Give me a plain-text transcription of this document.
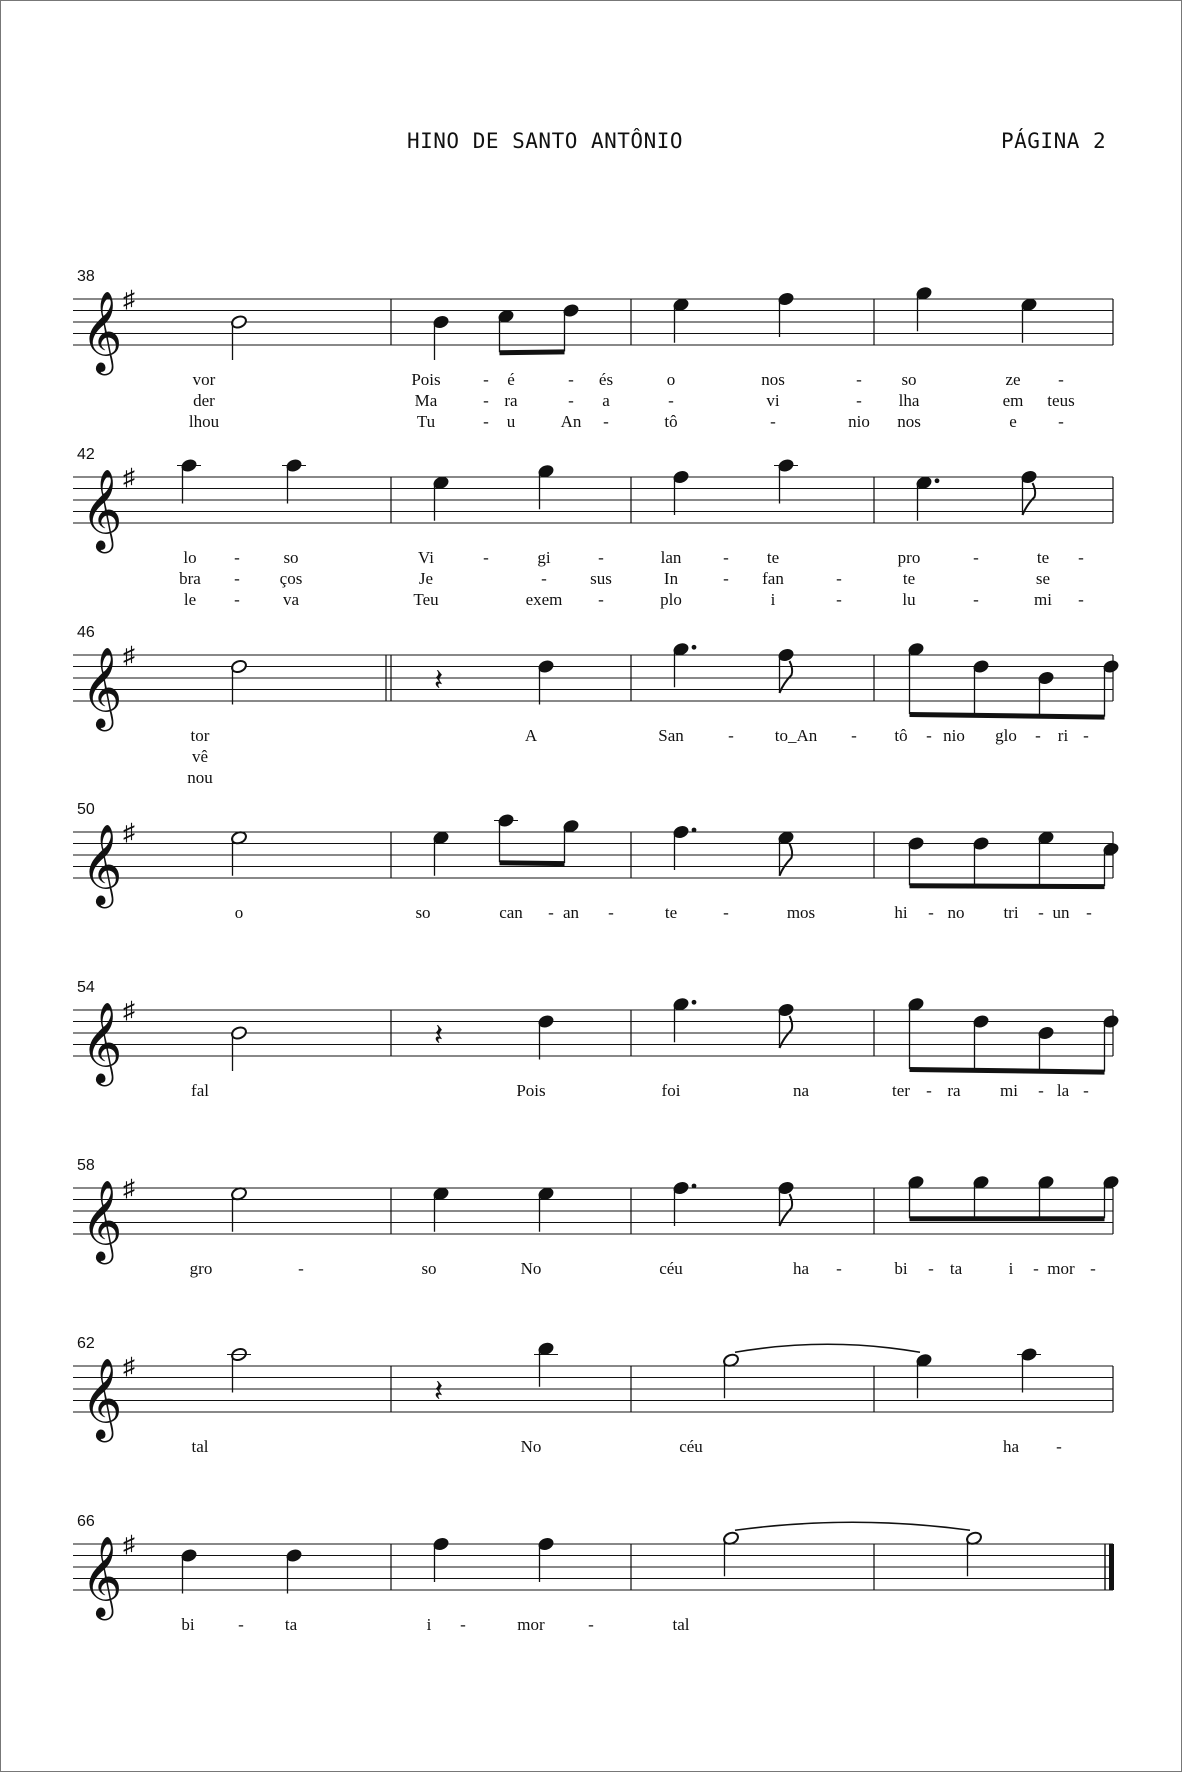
HINO DE SANTO ANTÔNIO	PÁGINA 2
38
𝄞 ♯
vor	Pois	- é	- és	o	nos	- so	ze -
der	Ma	- ra	- a	-	vi	- lha	em teus
lhou	Tu	- u	An -	tô	-	nio nos	e -
42
𝄞 ♯
lo -	so	Vi	-	gi	-	lan - te	pro	-	te -
bra - ços	Je	-	sus	In	- fan	-	te	se
le -	va	Teu	exem -	plo	i	-	lu	-	mi -
46
𝄞 ♯
𝄽
tor	A	San	- to_An - tô - nio glo - ri -
vê
nou
50
𝄞 ♯
o	so	can - an -	te	-	mos	hi - no tri - un -
54
𝄞 ♯
𝄽
fal	Pois	foi	na	ter - ra mi - la -
58
𝄞 ♯
gro	-	so	No	céu	ha -	bi - ta	i - mor -
62
𝄞 ♯
𝄽
tal	No	céu	ha -
66
𝄞 ♯
bi	- ta	i -	mor	-	tal
